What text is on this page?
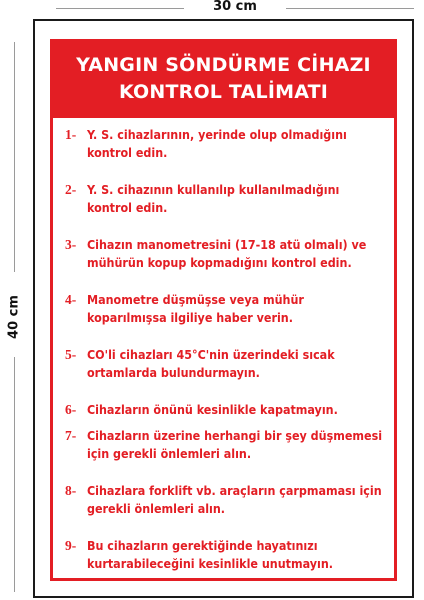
30 cm
40 cm
YANGIN SÖNDÜRME CİHAZI
KONTROL TALİMATI
1- Y. S. cihazlarının, yerinde olup olmadığını kontrol edin.
2- Y. S. cihazının kullanılıp kullanılmadığını kontrol edin.
3- Cihazın manometresini (17-18 atü olmalı) ve mühürün kopup kopmadığını kontrol edin.
4- Manometre düşmüşse veya mühür koparılmışsa ilgiliye haber verin.
5- CO'li cihazları 45°C'nin üzerindeki sıcak ortamlarda bulundurmayın.
6- Cihazların önünü kesinlikle kapatmayın.
7- Cihazların üzerine herhangi bir şey düşmemesi için gerekli önlemleri alın.
8- Cihazlara forklift vb. araçların çarpmaması için gerekli önlemleri alın.
9- Bu cihazların gerektiğinde hayatınızı kurtarabileceğini kesinlikle unutmayın.
